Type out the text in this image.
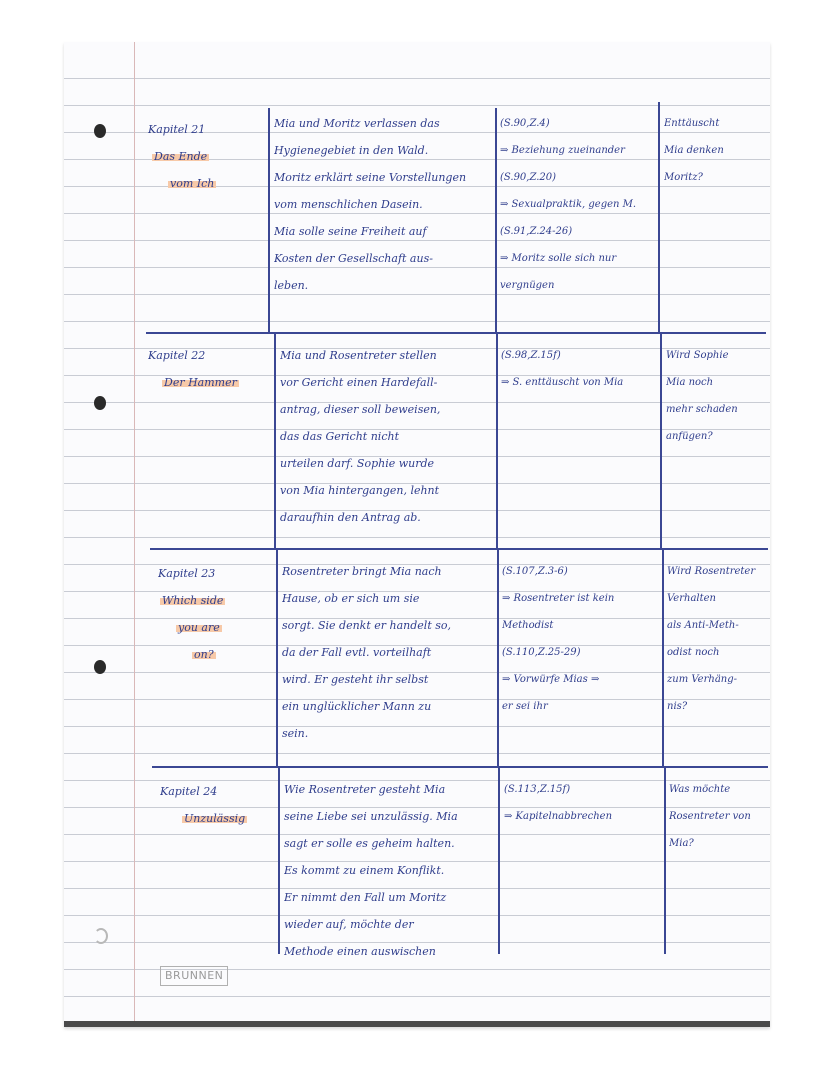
Kapitel 21
Das Ende
vom Ich
Mia und Moritz verlassen das
Hygienegebiet in den Wald.
Moritz erklärt seine Vorstellungen
vom menschlichen Dasein.
Mia solle seine Freiheit auf
Kosten der Gesellschaft aus-
leben.
(S.90,Z.4)
⇒ Beziehung zueinander
(S.90,Z.20)
⇒ Sexualpraktik, gegen M.
(S.91,Z.24-26)
⇒ Moritz solle sich nur
vergnügen
Enttäuscht
Mia denken
Moritz?
Kapitel 22
Der Hammer
Mia und Rosentreter stellen
vor Gericht einen Hardefall-
antrag, dieser soll beweisen,
das das Gericht nicht
urteilen darf. Sophie wurde
von Mia hintergangen, lehnt
daraufhin den Antrag ab.
(S.98,Z.15f)
⇒ S. enttäuscht von Mia
Wird Sophie
Mia noch
mehr schaden
anfügen?
Kapitel 23
Which side
you are
on?
Rosentreter bringt Mia nach
Hause, ob er sich um sie
sorgt. Sie denkt er handelt so,
da der Fall evtl. vorteilhaft
wird. Er gesteht ihr selbst
ein unglücklicher Mann zu
sein.
(S.107,Z.3-6)
⇒ Rosentreter ist kein
Methodist
(S.110,Z.25-29)
⇒ Vorwürfe Mias ⇒
er sei ihr
Wird Rosentreter
Verhalten
als Anti-Meth-
odist noch
zum Verhäng-
nis?
Kapitel 24
Unzulässig
Wie Rosentreter gesteht Mia
seine Liebe sei unzulässig. Mia
sagt er solle es geheim halten.
Es kommt zu einem Konflikt.
Er nimmt den Fall um Moritz
wieder auf, möchte der
Methode einen auswischen
(S.113,Z.15f)
⇒ Kapitelnabbrechen
Was möchte
Rosentreter von
Mia?
BRUNNEN
